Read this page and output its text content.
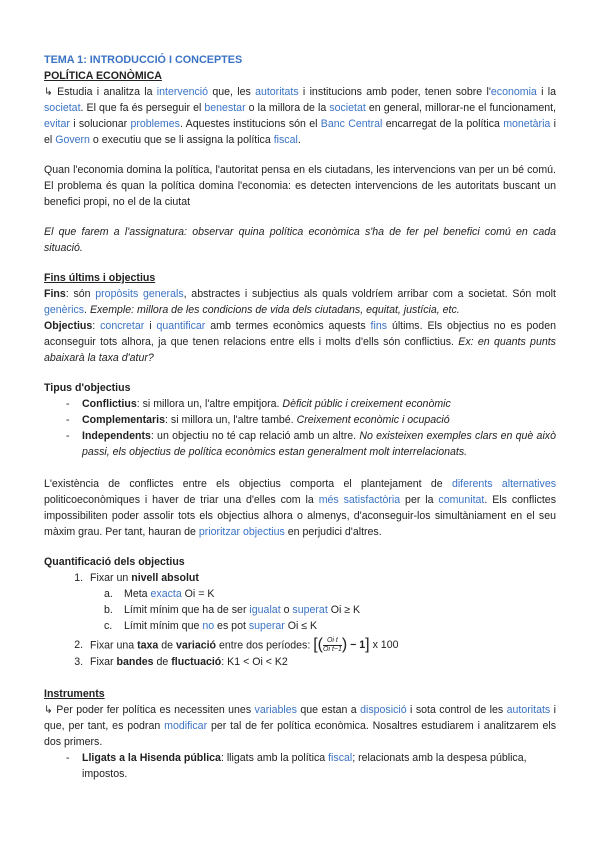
TEMA 1: INTRODUCCIÓ I CONCEPTES

POLÍTICA ECONÒMICA

↳ Estudia i analitza la intervenció que, les autoritats i institucions amb poder, tenen sobre l'economia i la societat. El que fa és perseguir el benestar o la millora de la societat en general, millorar-ne el funcionament, evitar i solucionar problemes. Aquestes institucions són el Banc Central encarregat de la política monetària i el Govern o executiu que se li assigna la política fiscal.

Quan l'economia domina la política, l'autoritat pensa en els ciutadans, les intervencions van per un bé comú. El problema és quan la política domina l'economia: es detecten intervencions de les autoritats buscant un benefici propi, no el de la ciutat

El que farem a l'assignatura: observar quina política econòmica s'ha de fer pel benefici comú en cada situació.

Fins últims i objectius

Fins: són propòsits generals, abstractes i subjectius als quals voldríem arribar com a societat. Són molt genèrics. Exemple: millora de les condicions de vida dels ciutadans, equitat, justícia, etc.

Objectius: concretar i quantificar amb termes econòmics aquests fins últims. Els objectius no es poden aconseguir tots alhora, ja que tenen relacions entre ells i molts d'ells són conflictius. Ex: en quants punts abaixarà la taxa d'atur?

Tipus d'objectius

- Conflictius: si millora un, l'altre empitjora. Dèficit públic i creixement econòmic
- Complementaris: si millora un, l'altre també. Creixement econòmic i ocupació
- Independents: un objectiu no té cap relació amb un altre. No existeixen exemples clars en què això passi, els objectius de política econòmics estan generalment molt interrelacionats.

L'existència de conflictes entre els objectius comporta el plantejament de diferents alternatives politicoeconòmiques i haver de triar una d'elles com la més satisfactòria per la comunitat. Els conflictes impossibiliten poder assolir tots els objectius alhora o almenys, d'aconseguir-los simultàniament en el seu màxim grau. Per tant, hauran de prioritzar objectius en perjudici d'altres.

Quantificació dels objectius

1. Fixar un nivell absolut
a. Meta exacta Oi = K
b. Límit mínim que ha de ser igualat o superat Oi ≥ K
c. Límit mínim que no es pot superar Oi ≤ K
2. Fixar una taxa de variació entre dos períodes: [( $\frac{\text{Oi t}}{\text{Oi t−1}}$ ) − 1] x 100
3. Fixar bandes de fluctuació: K1 < Oi < K2

Instruments

↳ Per poder fer política es necessiten unes variables que estan a disposició i sota control de les autoritats i que, per tant, es podran modificar per tal de fer política econòmica. Nosaltres estudiarem i analitzarem els dos primers.

- Lligats a la Hisenda pública: lligats amb la política fiscal; relacionats amb la despesa pública, impostos.
